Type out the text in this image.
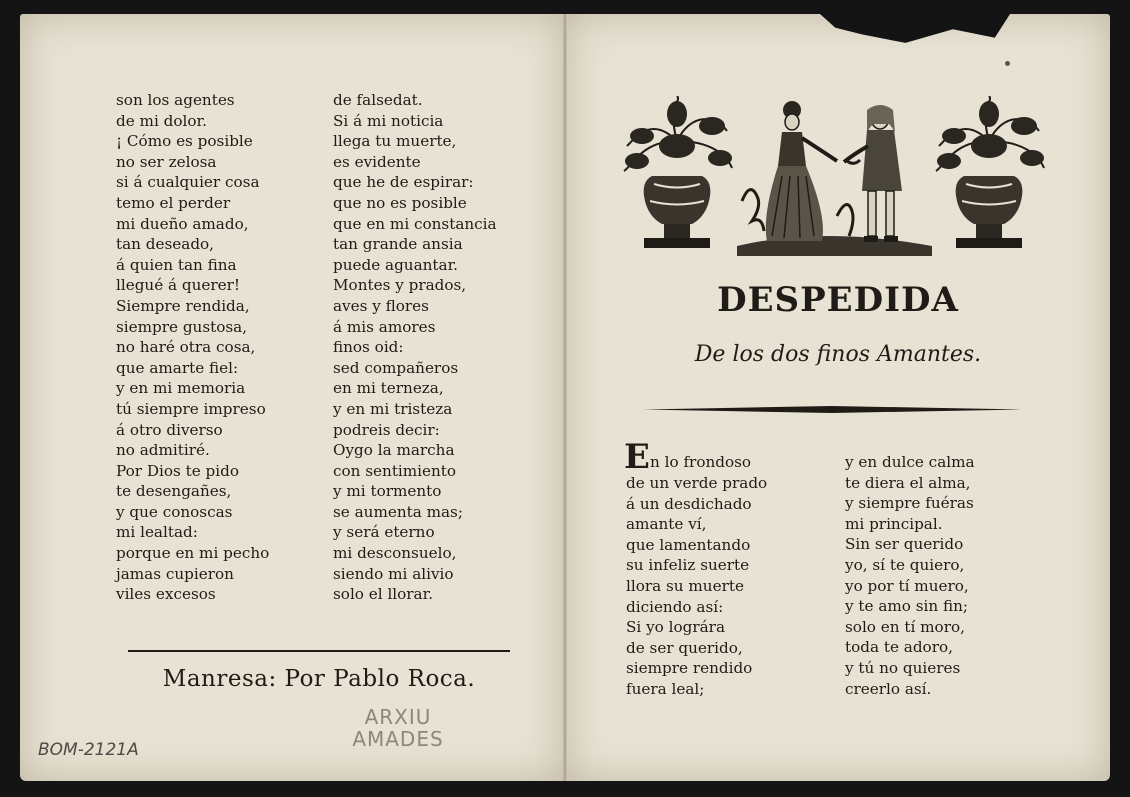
son los agentes
de mi dolor.
¡ Cómo es posible
no ser zelosa
si á cualquier cosa
temo el perder
mi dueño amado,
tan deseado,
á quien tan fina
llegué á querer!
Siempre rendida,
siempre gustosa,
no haré otra cosa,
que amarte fiel:
y en mi memoria
tú siempre impreso
á otro diverso
no admitiré.
Por Dios te pido
te desengañes,
y que conoscas
mi lealtad:
porque en mi pecho
jamas cupieron
viles excesos
de falsedat.
Si á mi noticia
llega tu muerte,
es evidente
que he de espirar:
que no es posible
que en mi constancia
tan grande ansia
puede aguantar.
Montes y prados,
aves y flores
á mis amores
finos oid:
sed compañeros
en mi terneza,
y en mi tristeza
podreis decir:
Oygo la marcha
con sentimiento
y mi tormento
se aumenta mas;
y será eterno
mi desconsuelo,
siendo mi alivio
solo el llorar.
Manresa: Por Pablo Roca.
ARXIU
AMADES
BOM-2121A
DESPEDIDA
De los dos finos Amantes.
E n lo frondoso
de un verde prado
á un desdichado
amante ví,
que lamentando
su infeliz suerte
llora su muerte
diciendo así:
Si yo lográra
de ser querido,
siempre rendido
fuera leal;
y en dulce calma
te diera el alma,
y siempre fuéras
mi principal.
Sin ser querido
yo, sí te quiero,
yo por tí muero,
y te amo sin fin;
solo en tí moro,
toda te adoro,
y tú no quieres
creerlo así.
